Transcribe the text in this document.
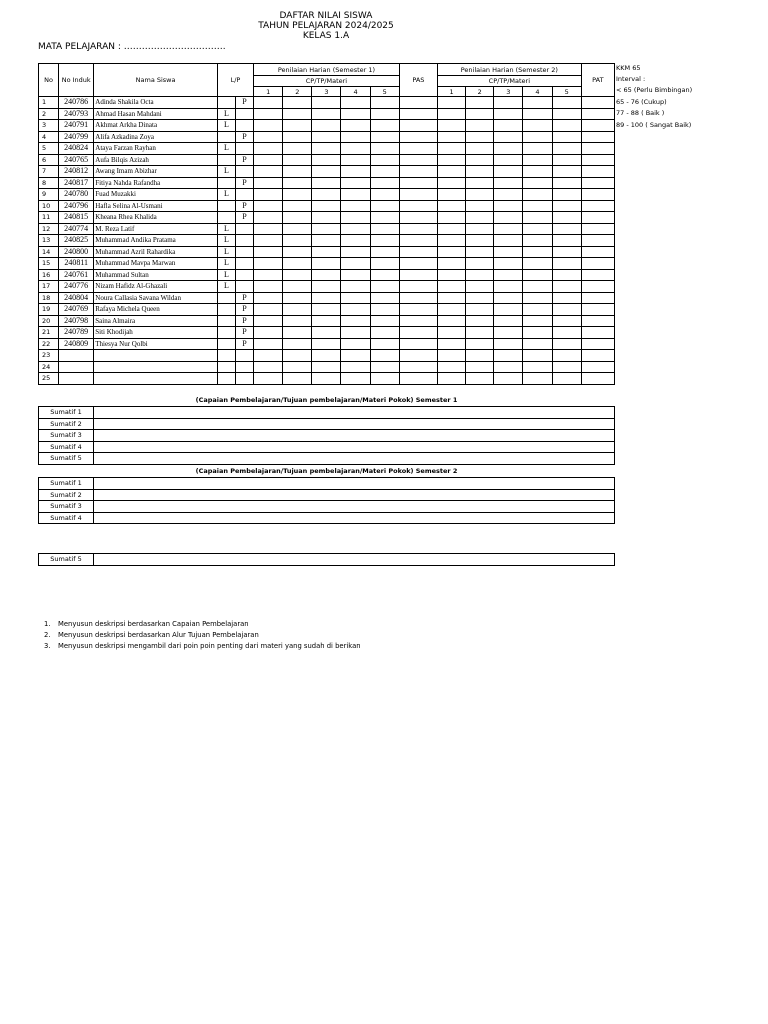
DAFTAR NILAI SISWA
TAHUN PELAJARAN 2024/2025
KELAS 1.A
MATA PELAJARAN : …………………………….
No	No Induk	Nama Siswa	L/P		Penilaian Harian (Semester 1)					PAS	Penilaian Harian (Semester 2)					PAT
					CP/TP/Materi						CP/TP/Materi					
					1	2	3	4	5		1	2	3	4	5	
1	240786	Adinda Shakila Octa		P												
2	240793	Ahmad Hasan Mahdani	L													
3	240791	Akhmat Arkha Dinata	L													
4	240799	Alifa Azkadina Zoya		P												
5	240824	Ataya Farzan Rayhan	L													
6	240765	Aufa Bilqis Azizah		P												
7	240812	Awang Imam Abizhar	L													
8	240817	Fitiya Nahda Rafandha		P												
9	240780	Fuad Muzakki	L													
10	240796	Hafla Selina Al-Usmani		P												
11	240815	Kheana Rhea Khalida		P												
12	240774	M. Reza Latif	L													
13	240825	Muhammad Andika Pratama	L													
14	240800	Muhammad Azril Rahardika	L													
15	240811	Muhammad Mavpa Marwan	L													
16	240761	Muhammad Sultan	L													
17	240776	Nizam Hafidz Al-Ghazali	L													
18	240804	Noura Callasia Savana Wildan		P												
19	240769	Rafaya Michela Queen		P												
20	240798	Saina Almaira		P												
21	240789	Siti Khodijah		P												
22	240809	Thiesya Nur Qolbi		P												
23																
24																
25																
KKM 65
Interval :
< 65 (Perlu Bimbingan)
65 - 76 (Cukup)
77 - 88 ( Baik )
89 - 100 ( Sangat Baik)
(Capaian Pembelajaran/Tujuan pembelajaran/Materi Pokok) Semester 1
Sumatif 1	
Sumatif 2	
Sumatif 3	
Sumatif 4	
Sumatif 5	
(Capaian Pembelajaran/Tujuan pembelajaran/Materi Pokok) Semester 2
Sumatif 1	
Sumatif 2	
Sumatif 3	
Sumatif 4	
Sumatif 5	
1. Menyusun deskripsi berdasarkan Capaian Pembelajaran
2. Menyusun deskripsi berdasarkan Alur Tujuan Pembelajaran
3. Menyusun deskripsi mengambil dari poin poin penting dari materi yang sudah di berikan
